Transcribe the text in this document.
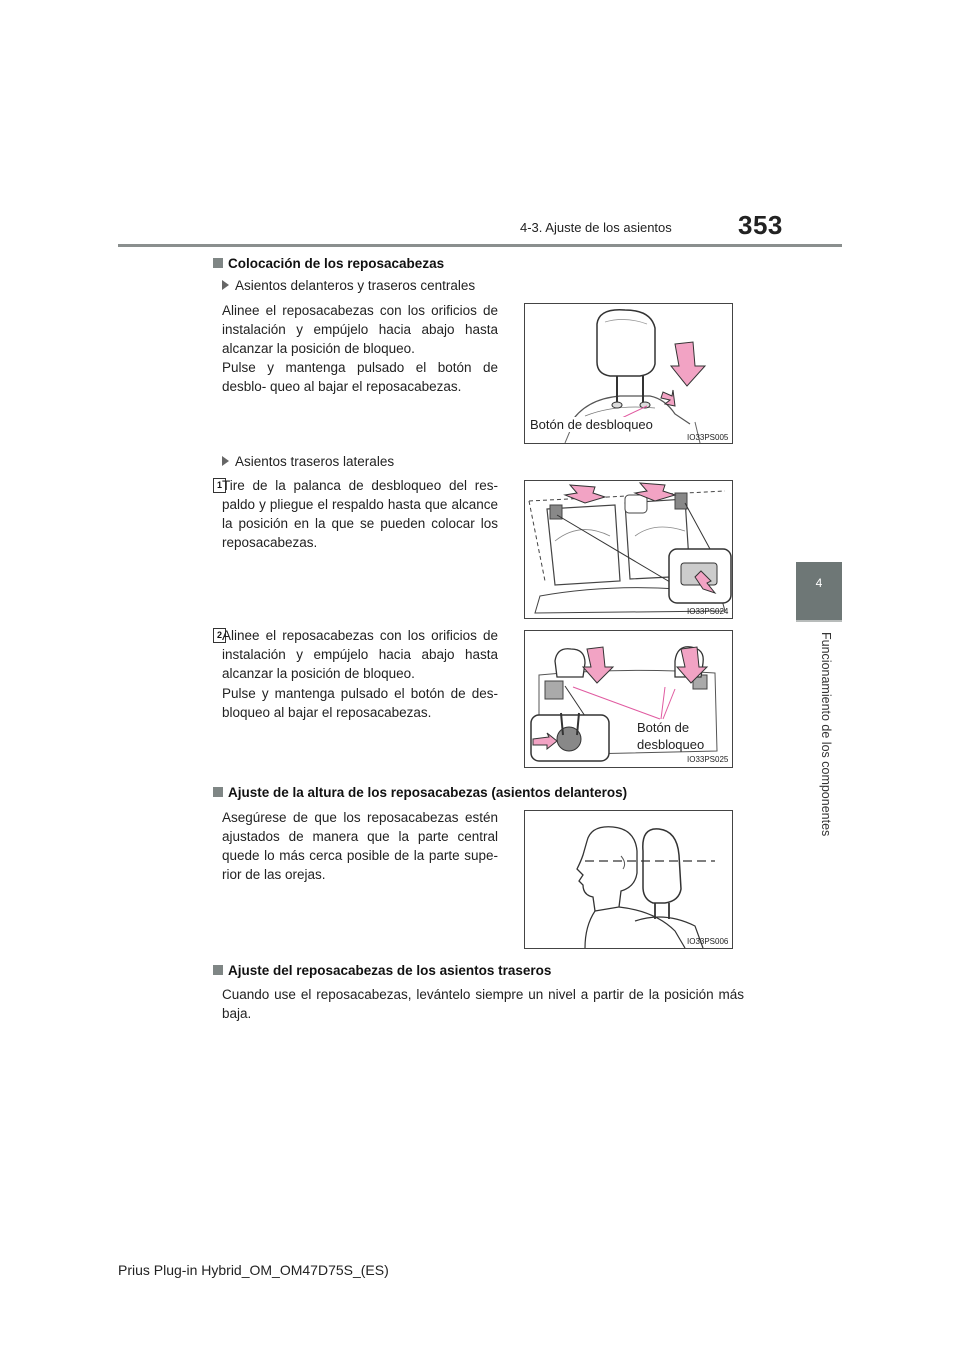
4-3. Ajuste de los asientos	353
4
Funcionamiento de los componentes
Colocación de los reposacabezas
Asientos delanteros y traseros centrales
Alinee el reposacabezas con los orificios de instalación y empújelo hacia abajo hasta alcanzar la posición de bloqueo.
Pulse y mantenga pulsado el botón de desblo- queo al bajar el reposacabezas.
Botón de desbloqueo
IO33PS005
Asientos traseros laterales
1 Tire de la palanca de desbloqueo del res- paldo y pliegue el respaldo hasta que alcance la posición en la que se pueden colocar los reposacabezas.
IO33PS024
2 Alinee el reposacabezas con los orificios de instalación y empújelo hacia abajo hasta alcanzar la posición de bloqueo.
Pulse y mantenga pulsado el botón de des- bloqueo al bajar el reposacabezas.
Botón de
desbloqueo
IO33PS025
Ajuste de la altura de los reposacabezas (asientos delanteros)
Asegúrese de que los reposacabezas estén ajustados de manera que la parte central quede lo más cerca posible de la parte supe- rior de las orejas.
IO33PS006
Ajuste del reposacabezas de los asientos traseros
Cuando use el reposacabezas, levántelo siempre un nivel a partir de la posición más baja.
Prius Plug-in Hybrid_OM_OM47D75S_(ES)
